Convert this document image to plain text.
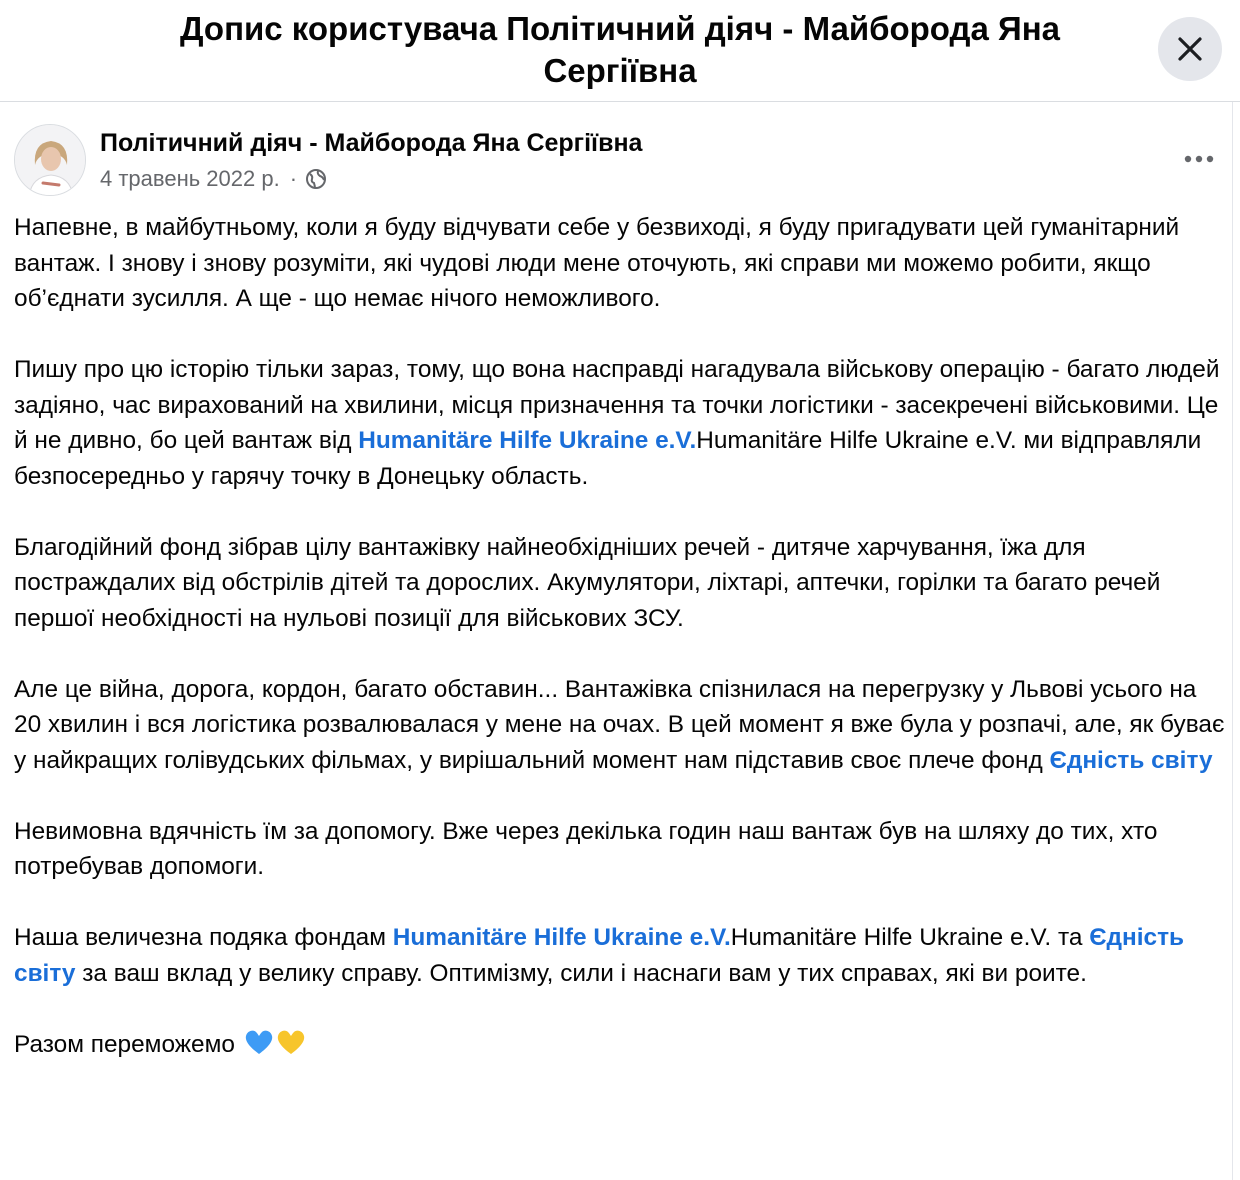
Допис користувача Політичний діяч - Майборода Яна Сергіївна
Політичний діяч - Майборода Яна Сергіївна
4 травень 2022 р. ·

Напевне, в майбутньому, коли я буду відчувати себе у безвиході, я буду пригадувати цей гуманітарний вантаж. І знову і знову розуміти, які чудові люди мене оточують, які справи ми можемо робити, якщо об’єднати зусилля. А ще - що немає нічого неможливого.

Пишу про цю історію тільки зараз, тому, що вона насправді нагадувала військову операцію - багато людей задіяно, час вирахований на хвилини, місця призначення та точки логістики - засекречені військовими. Це й не дивно, бо цей вантаж від Humanitäre Hilfe Ukraine e.V.Humanitäre Hilfe Ukraine e.V. ми відправляли безпосередньо у гарячу точку в Донецьку область.

Благодійний фонд зібрав цілу вантажівку найнеобхідніших речей - дитяче харчування, їжа для постраждалих від обстрілів дітей та дорослих. Акумулятори, ліхтарі, аптечки, горілки та багато речей першої необхідності на нульові позиції для військових ЗСУ.

Але це війна, дорога, кордон, багато обставин... Вантажівка спізнилася на перегрузку у Львові усього на 20 хвилин і вся логістика розвалювалася у мене на очах. В цей момент я вже була у розпачі, але, як буває у найкращих голівудських фільмах, у вирішальний момент нам підставив своє плече фонд Єдність світу

Невимовна вдячність їм за допомогу. Вже через декілька годин наш вантаж був на шляху до тих, хто потребував допомоги.

Наша величезна подяка фондам Humanitäre Hilfe Ukraine e.V.Humanitäre Hilfe Ukraine e.V. та Єдність світу за ваш вклад у велику справу. Оптимізму, сили і наснаги вам у тих справах, які ви роите.

Разом переможемо
